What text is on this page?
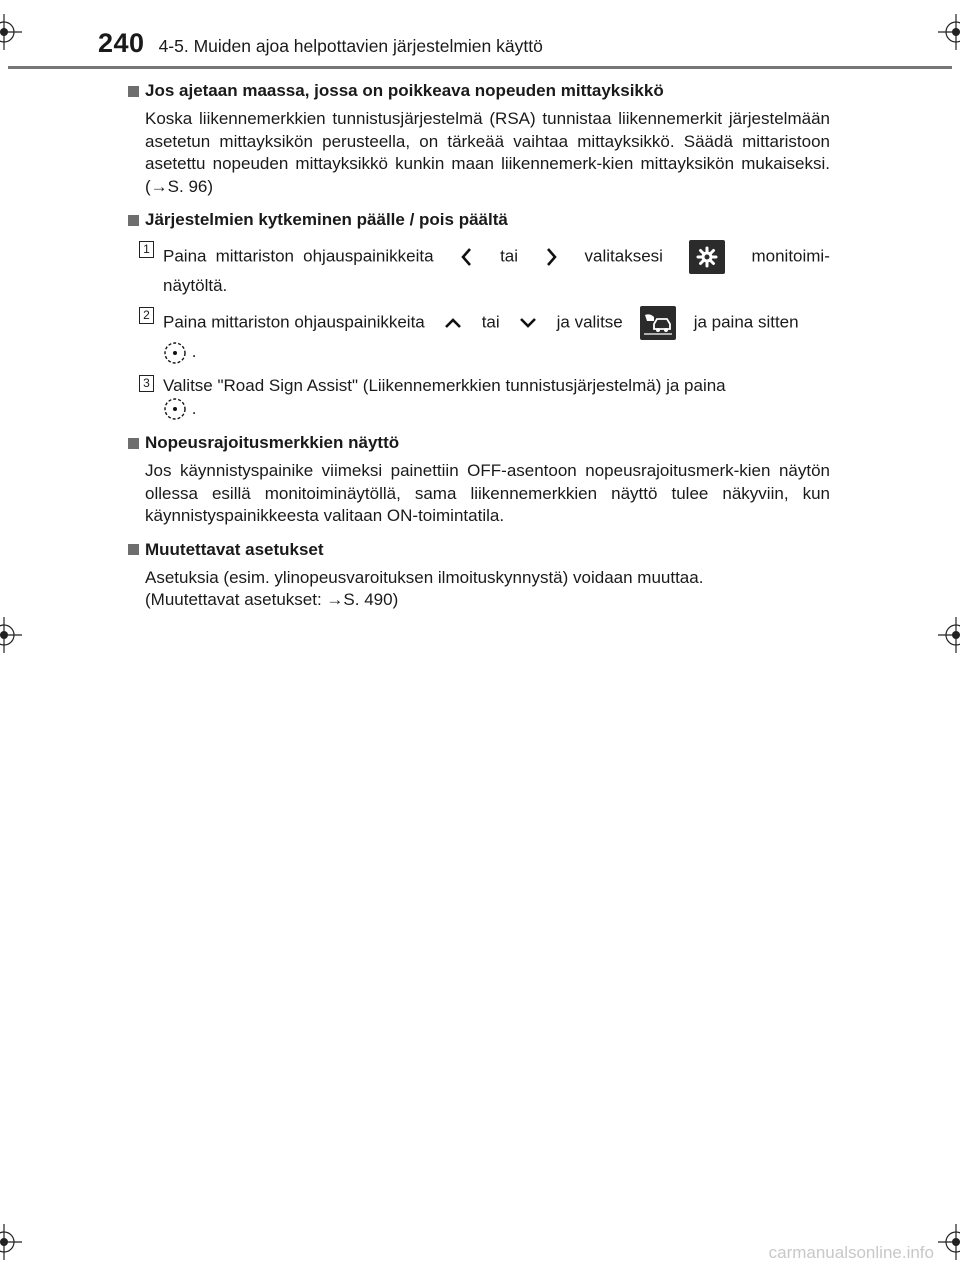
240 4-5. Muiden ajoa helpottavien järjestelmien käyttö
Jos ajetaan maassa, jossa on poikkeava nopeuden mittayksikkö
Koska liikennemerkkien tunnistusjärjestelmä (RSA) tunnistaa liikennemerkit järjestelmään asetetun mittayksikön perusteella, on tärkeää vaihtaa mittayksikkö. Säädä mittaristoon asetettu nopeuden mittayksikkö kunkin maan liikennemerk-kien mittayksikön mukaiseksi. (→S. 96)
Järjestelmien kytkeminen päälle / pois päältä
1 Paina mittariston ohjauspainikkeita	tai	valitaksesi	monitoimi-näytöltä.
2 Paina mittariston ohjauspainikkeita	tai	ja valitse	ja paina sitten

.
3 Valitse "Road Sign Assist" (Liikennemerkkien tunnistusjärjestelmä) ja paina

.
Nopeusrajoitusmerkkien näyttö
Jos käynnistyspainike viimeksi painettiin OFF-asentoon nopeusrajoitusmerk-kien näytön ollessa esillä monitoiminäytöllä, sama liikennemerkkien näyttö tulee näkyviin, kun käynnistyspainikkeesta valitaan ON-toimintatila.
Muutettavat asetukset
Asetuksia (esim. ylinopeusvaroituksen ilmoituskynnystä) voidaan muuttaa.
(Muutettavat asetukset: →S. 490)
carmanualsonline.info
